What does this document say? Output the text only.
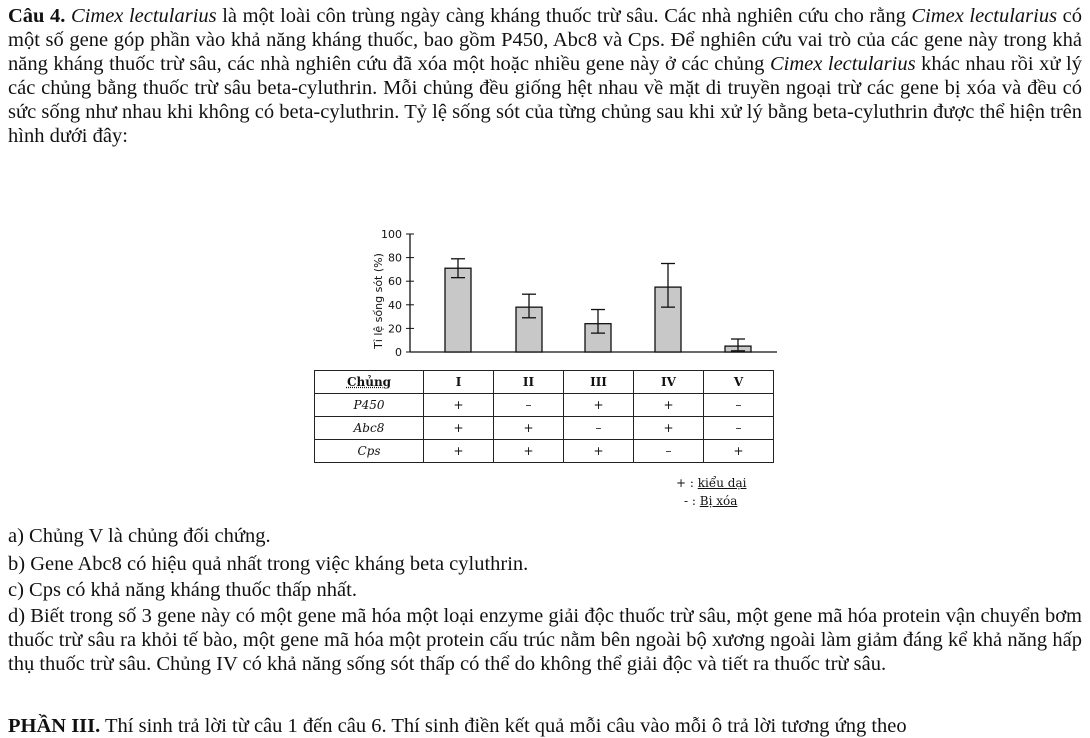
Câu 4. Cimex lectularius là một loài côn trùng ngày càng kháng thuốc trừ sâu. Các nhà nghiên cứu cho rằng Cimex lectularius có một số gene góp phần vào khả năng kháng thuốc, bao gồm P450, Abc8 và Cps. Để nghiên cứu vai trò của các gene này trong khả năng kháng thuốc trừ sâu, các nhà nghiên cứu đã xóa một hoặc nhiều gene này ở các chủng Cimex lectularius khác nhau rồi xử lý các chủng bằng thuốc trừ sâu beta-cyluthrin. Mỗi chủng đều giống hệt nhau về mặt di truyền ngoại trừ các gene bị xóa và đều có sức sống như nhau khi không có beta-cyluthrin. Tỷ lệ sống sót của từng chủng sau khi xử lý bằng beta-cyluthrin được thể hiện trên hình dưới đây:
0
20
40
60
80
100
Tỉ lệ sống sót (%)
Chủng	I	II	III	IV	V
P450	+	–	+	+	–
Abc8	+	+	–	+	–
Cps	+	+	+	–	+
+ : kiểu dại
- : Bị xóa
a) Chủng V là chủng đối chứng.
b) Gene Abc8 có hiệu quả nhất trong việc kháng beta cyluthrin.
c) Cps có khả năng kháng thuốc thấp nhất.
d) Biết trong số 3 gene này có một gene mã hóa một loại enzyme giải độc thuốc trừ sâu, một gene mã hóa protein vận chuyển bơm thuốc trừ sâu ra khỏi tế bào, một gene mã hóa một protein cấu trúc nằm bên ngoài bộ xương ngoài làm giảm đáng kể khả năng hấp thụ thuốc trừ sâu. Chủng IV có khả năng sống sót thấp có thể do không thể giải độc và tiết ra thuốc trừ sâu.
PHẦN III. Thí sinh trả lời từ câu 1 đến câu 6. Thí sinh điền kết quả mỗi câu vào mỗi ô trả lời tương ứng theo
